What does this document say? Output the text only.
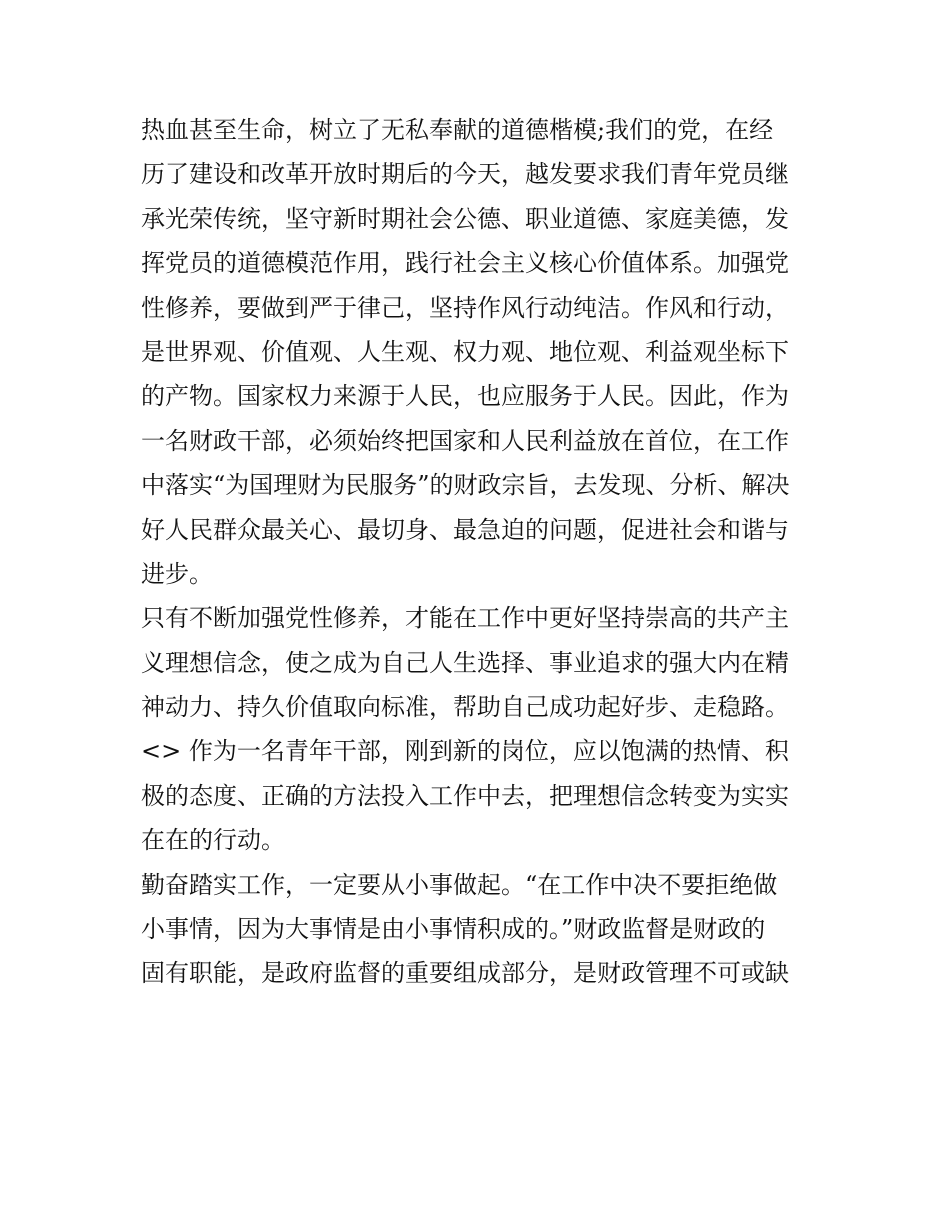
热血甚至生命，树立了无私奉献的道德楷模;我们的党，在经
历了建设和改革开放时期后的今天，越发要求我们青年党员继
承光荣传统，坚守新时期社会公德、职业道德、家庭美德，发
挥党员的道德模范作用，践行社会主义核心价值体系。加强党
性修养，要做到严于律己，坚持作风行动纯洁。作风和行动，
是世界观、价值观、人生观、权力观、地位观、利益观坐标下
的产物。国家权力来源于人民，也应服务于人民。因此，作为
一名财政干部，必须始终把国家和人民利益放在首位，在工作
中落实“为国理财为民服务”的财政宗旨，去发现、分析、解决
好人民群众最关心、最切身、最急迫的问题，促进社会和谐与
进步。
只有不断加强党性修养，才能在工作中更好坚持崇高的共产主
义理想信念，使之成为自己人生选择、事业追求的强大内在精
神动力、持久价值取向标准，帮助自己成功起好步、走稳路。
<> 作为一名青年干部，刚到新的岗位，应以饱满的热情、积
极的态度、正确的方法投入工作中去，把理想信念转变为实实
在在的行动。
勤奋踏实工作，一定要从小事做起。“在工作中决不要拒绝做
小事情，因为大事情是由小事情积成的。”财政监督是财政的
固有职能，是政府监督的重要组成部分，是财政管理不可或缺
